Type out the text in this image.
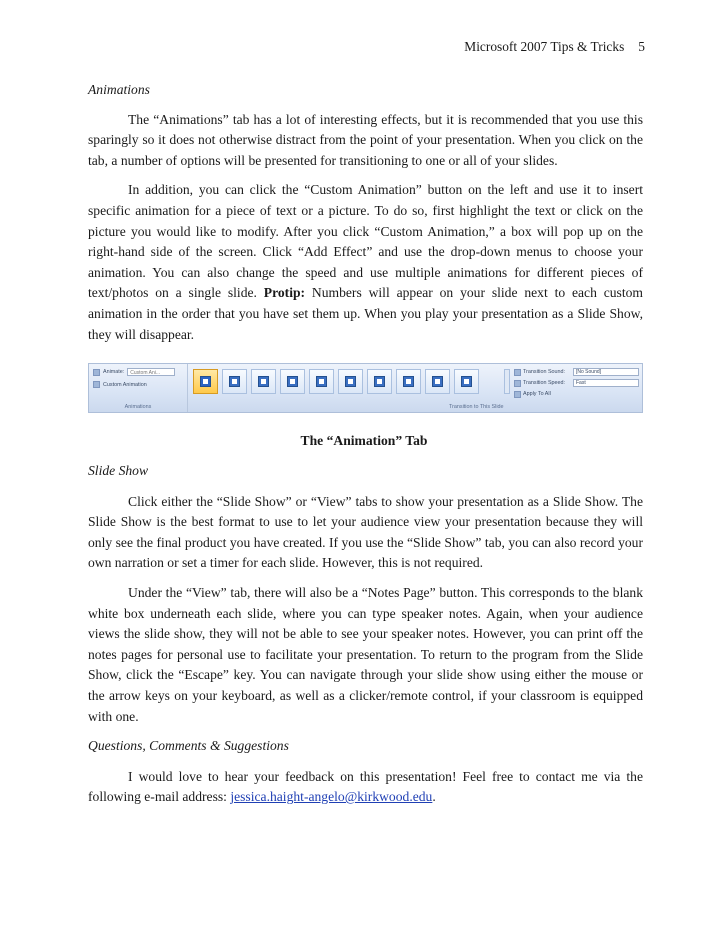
Microsoft 2007 Tips & Tricks 5

Animations

The “Animations” tab has a lot of interesting effects, but it is recommended that you use this sparingly so it does not otherwise distract from the point of your presentation. When you click on the tab, a number of options will be presented for transitioning to one or all of your slides.

In addition, you can click the “Custom Animation” button on the left and use it to insert specific animation for a piece of text or a picture. To do so, first highlight the text or click on the picture you would like to modify. After you click “Custom Animation,” a box will pop up on the right-hand side of the screen. Click “Add Effect” and use the drop-down menus to choose your animation. You can also change the speed and use multiple animations for different pieces of text/photos on a single slide. Protip: Numbers will appear on your slide next to each custom animation in the order that you have set them up. When you play your presentation as a Slide Show, they will disappear.

Animate:	Custom Ani...
Custom Animation
Animations	Transition to This Slide
Transition Sound:	[No Sound]
Transition Speed:	Fast
Apply To All
The “Animation” Tab

Slide Show

Click either the “Slide Show” or “View” tabs to show your presentation as a Slide Show. The Slide Show is the best format to use to let your audience view your presentation because they will only see the final product you have created. If you use the “Slide Show” tab, you can also record your own narration or set a timer for each slide. However, this is not required.

Under the “View” tab, there will also be a “Notes Page” button. This corresponds to the blank white box underneath each slide, where you can type speaker notes. Again, when your audience views the slide show, they will not be able to see your speaker notes. However, you can print off the notes pages for personal use to facilitate your presentation. To return to the program from the Slide Show, click the “Escape” key. You can navigate through your slide show using either the mouse or the arrow keys on your keyboard, as well as a clicker/remote control, if your classroom is equipped with one.

Questions, Comments & Suggestions

I would love to hear your feedback on this presentation! Feel free to contact me via the following e-mail address: jessica.haight-angelo@kirkwood.edu.
